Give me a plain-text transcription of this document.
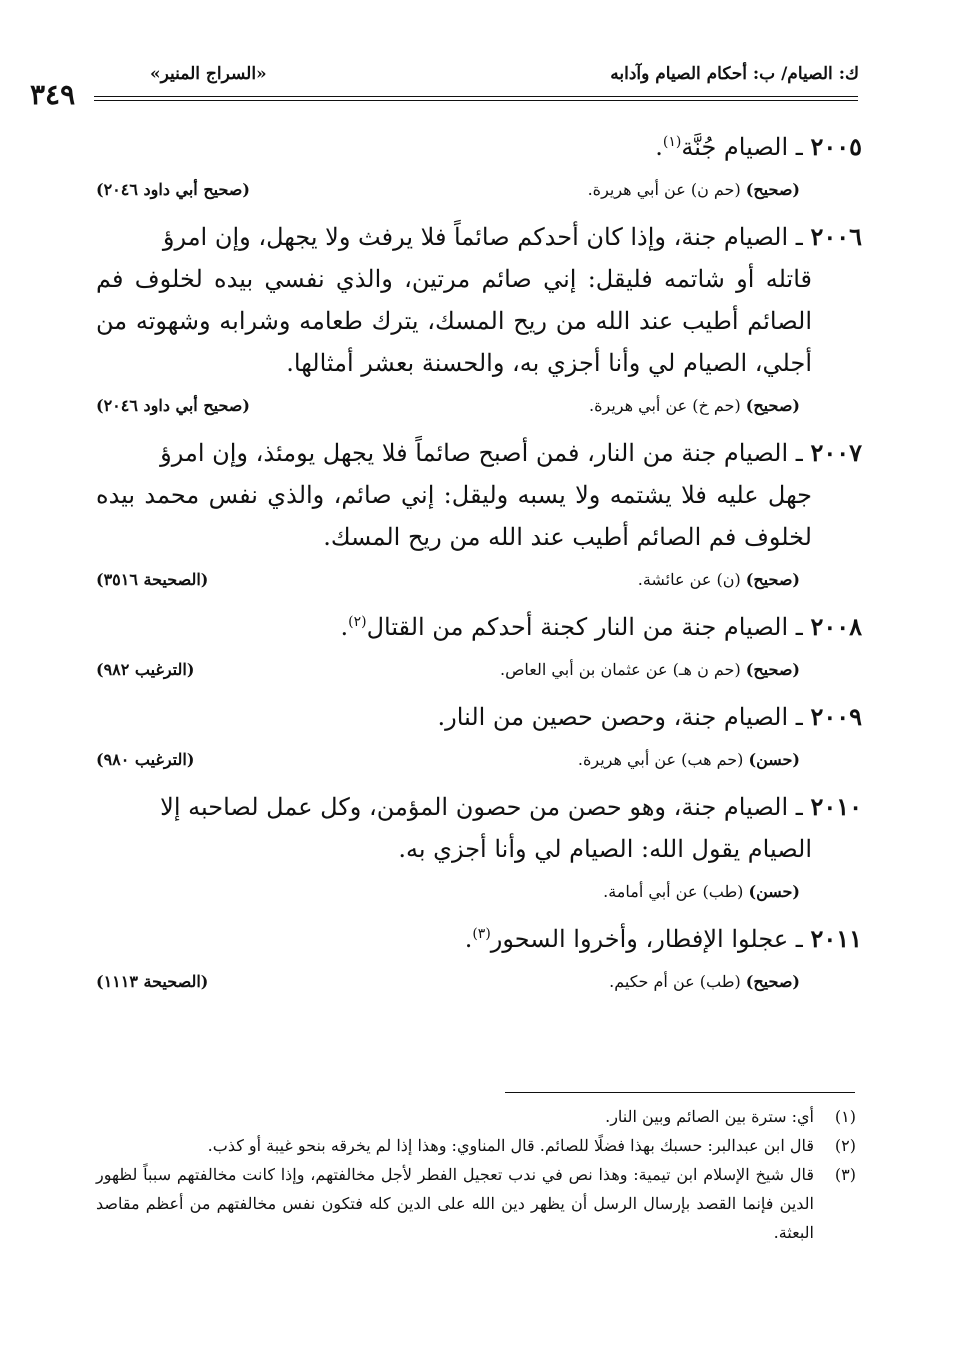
ك: الصيام/ ب: أحكام الصيام وآدابه
«السراج المنير»
٣٤٩

٢٠٠٥ ـ الصيام جُنَّة$^{(١)}$.

(صحيح) (حم ن) عن أبي هريرة.
(صحيح أبي داود ٢٠٤٦)

٢٠٠٦ ـ الصيام جنة، وإذا كان أحدكم صائماً فلا يرفث ولا يجهل، وإن امرؤ
قاتله أو شاتمه فليقل: إني صائم مرتين، والذي نفسي بيده لخلوف فم الصائم أطيب عند الله من ريح المسك، يترك طعامه وشرابه وشهوته من أجلي، الصيام لي وأنا أجزي به، والحسنة بعشر أمثالها.

(صحيح) (حم خ) عن أبي هريرة.
(صحيح أبي داود ٢٠٤٦)

٢٠٠٧ ـ الصيام جنة من النار، فمن أصبح صائماً فلا يجهل يومئذ، وإن امرؤ
جهل عليه فلا يشتمه ولا يسبه وليقل: إني صائم، والذي نفس محمد بيده لخلوف فم الصائم أطيب عند الله من ريح المسك.

(صحيح) (ن) عن عائشة.
(الصحيحة ٣٥١٦)

٢٠٠٨ ـ الصيام جنة من النار كجنة أحدكم من القتال$^{(٢)}$.

(صحيح) (حم ن هـ) عن عثمان بن أبي العاص.
(الترغيب ٩٨٢)

٢٠٠٩ ـ الصيام جنة، وحصن حصين من النار.

(حسن) (حم هب) عن أبي هريرة.
(الترغيب ٩٨٠)

٢٠١٠ ـ الصيام جنة، وهو حصن من حصون المؤمن، وكل عمل لصاحبه إلا
الصيام يقول الله: الصيام لي وأنا أجزي به.

(حسن) (طب) عن أبي أمامة.

٢٠١١ ـ عجلوا الإفطار، وأخروا السحور$^{(٣)}$.

(صحيح) (طب) عن أم حكيم.
(الصحيحة ١١١٣)
(١)
أي: سترة بين الصائم وبين النار.
(٢)
قال ابن عبدالبر: حسبك بهذا فضلًا للصائم. قال المناوي: وهذا إذا لم يخرقه بنحو غيبة أو كذب.
(٣)
قال شيخ الإسلام ابن تيمية: وهذا نص في ندب تعجيل الفطر لأجل مخالفتهم، وإذا كانت مخالفتهم سبباً لظهور الدين فإنما القصد بإرسال الرسل أن يظهر دين الله على الدين كله فتكون نفس مخالفتهم من أعظم مقاصد البعثة.
